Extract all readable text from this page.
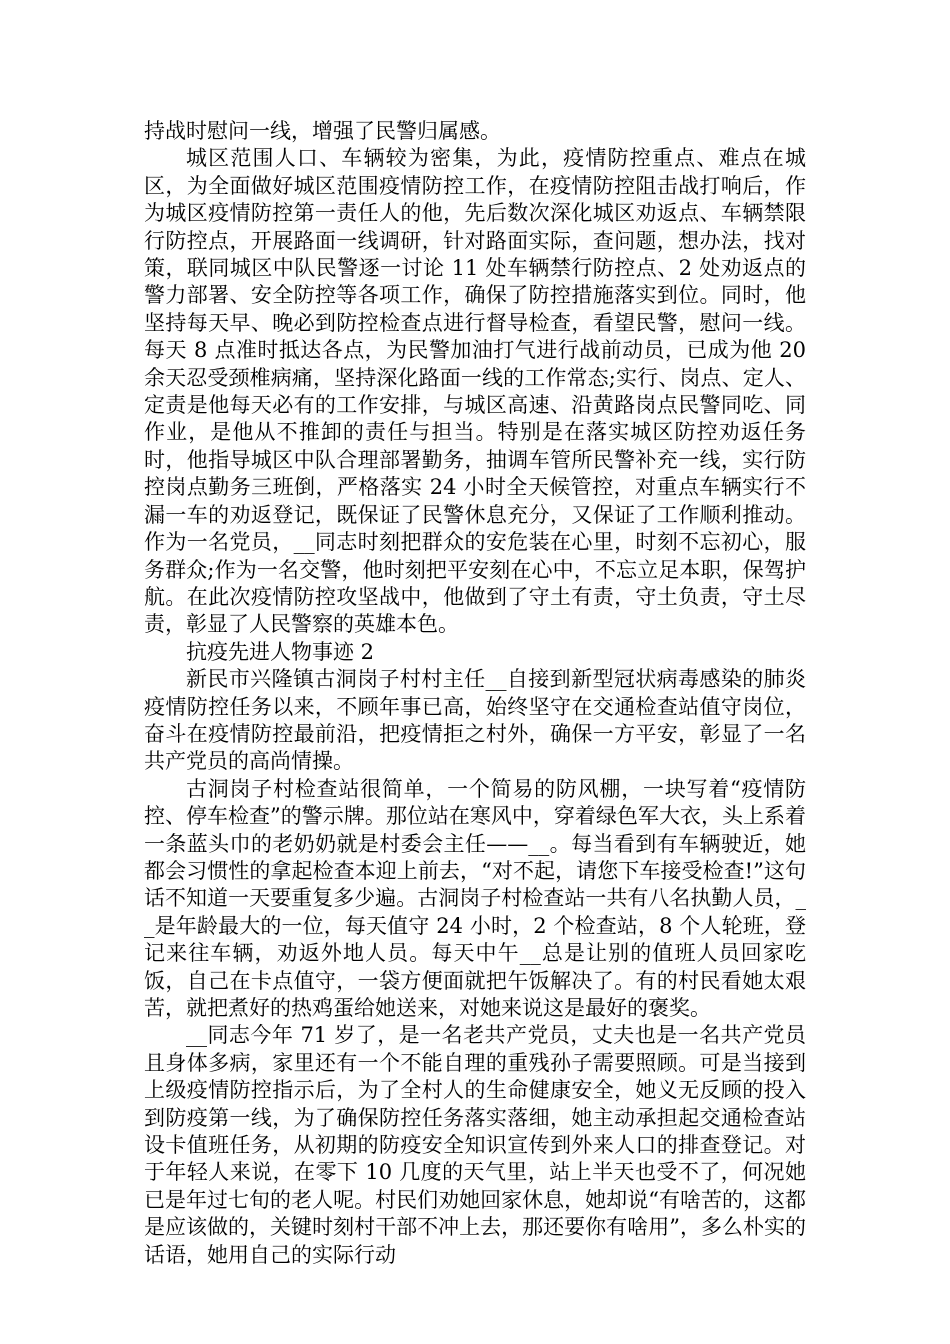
持战时慰问一线，增强了民警归属感。

城区范围人口、车辆较为密集，为此，疫情防控重点、难点在城区，为全面做好城区范围疫情防控工作，在疫情防控阻击战打响后，作为城区疫情防控第一责任人的他，先后数次深化城区劝返点、车辆禁限行防控点，开展路面一线调研，针对路面实际，查问题，想办法，找对策，联同城区中队民警逐一讨论 11 处车辆禁行防控点、2 处劝返点的警力部署、安全防控等各项工作，确保了防控措施落实到位。同时，他坚持每天早、晚必到防控检查点进行督导检查，看望民警，慰问一线。每天 8 点准时抵达各点，为民警加油打气进行战前动员，已成为他 20 余天忍受颈椎病痛，坚持深化路面一线的工作常态;实行、岗点、定人、定责是他每天必有的工作安排，与城区高速、沿黄路岗点民警同吃、同作业，是他从不推卸的责任与担当。特别是在落实城区防控劝返任务时，他指导城区中队合理部署勤务，抽调车管所民警补充一线，实行防控岗点勤务三班倒，严格落实 24 小时全天候管控，对重点车辆实行不漏一车的劝返登记，既保证了民警休息充分，又保证了工作顺利推动。作为一名党员，__同志时刻把群众的安危装在心里，时刻不忘初心，服务群众;作为一名交警，他时刻把平安刻在心中，不忘立足本职，保驾护航。在此次疫情防控攻坚战中，他做到了守土有责，守土负责，守土尽责，彰显了人民警察的英雄本色。

抗疫先进人物事迹 2

新民市兴隆镇古洞岗子村村主任__自接到新型冠状病毒感染的肺炎疫情防控任务以来，不顾年事已高，始终坚守在交通检查站值守岗位，奋斗在疫情防控最前沿，把疫情拒之村外，确保一方平安，彰显了一名共产党员的高尚情操。

古洞岗子村检查站很简单，一个简易的防风棚，一块写着“疫情防控、停车检查”的警示牌。那位站在寒风中，穿着绿色军大衣，头上系着一条蓝头巾的老奶奶就是村委会主任——__。每当看到有车辆驶近，她都会习惯性的拿起检查本迎上前去，“对不起，请您下车接受检查!”这句话不知道一天要重复多少遍。古洞岗子村检查站一共有八名执勤人员，__是年龄最大的一位，每天值守 24 小时，2 个检查站，8 个人轮班，登记来往车辆，劝返外地人员。每天中午__总是让别的值班人员回家吃饭，自己在卡点值守，一袋方便面就把午饭解决了。有的村民看她太艰苦，就把煮好的热鸡蛋给她送来，对她来说这是最好的褒奖。

__同志今年 71 岁了，是一名老共产党员，丈夫也是一名共产党员且身体多病，家里还有一个不能自理的重残孙子需要照顾。可是当接到上级疫情防控指示后，为了全村人的生命健康安全，她义无反顾的投入到防疫第一线，为了确保防控任务落实落细，她主动承担起交通检查站设卡值班任务，从初期的防疫安全知识宣传到外来人口的排查登记。对于年轻人来说，在零下 10 几度的天气里，站上半天也受不了，何况她已是年过七旬的老人呢。村民们劝她回家休息，她却说“有啥苦的，这都是应该做的，关键时刻村干部不冲上去，那还要你有啥用”，多么朴实的话语，她用自己的实际行动
